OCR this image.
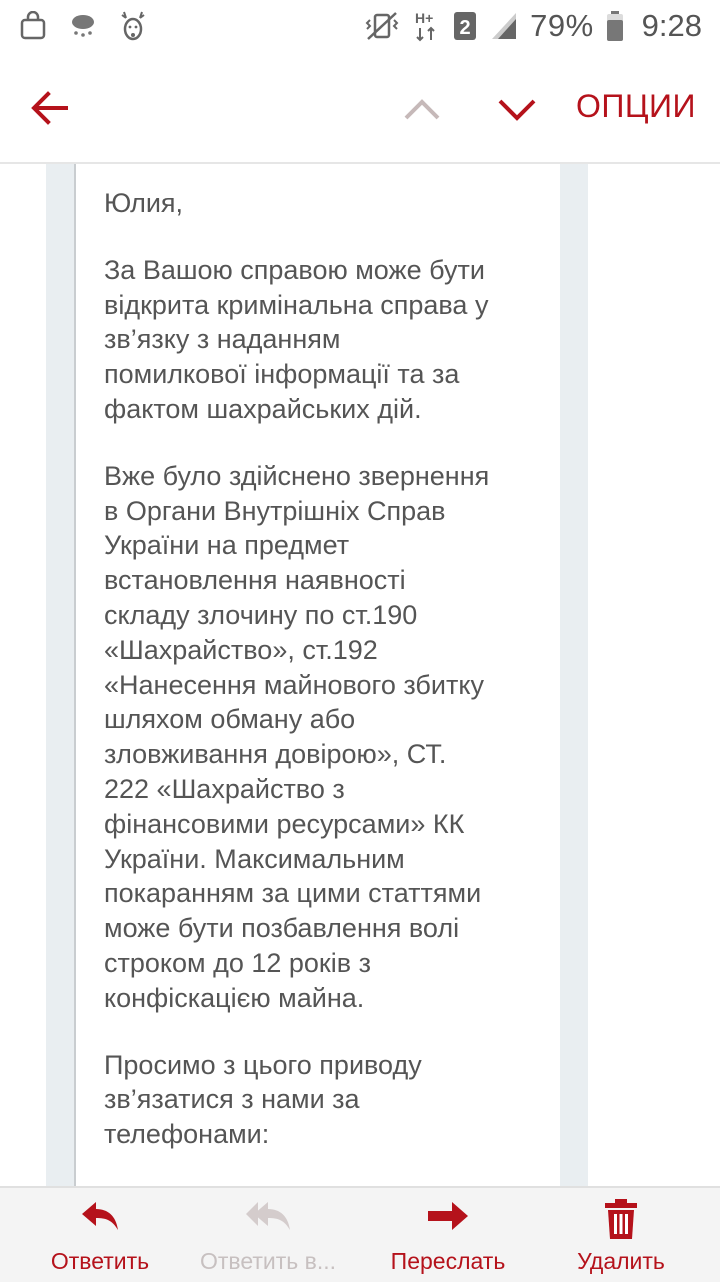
H+ 2 79% 9:28
ОПЦИИ

Юлия,

За Вашою справою може бути
відкрита кримінальна справа у
зв’язку з наданням
помилкової інформації та за
фактом шахрайських дій.

Вже було здійснено звернення
в Органи Внутрішніх Справ
України на предмет
встановлення наявності
складу злочину по ст.190
«Шахрайство», ст.192
«Нанесення майнового збитку
шляхом обману або
зловживання довірою», СТ.
222 «Шахрайство з
фінансовими ресурсами» КК
України. Максимальним
покаранням за цими статтями
може бути позбавлення волі
строком до 12 років з
конфіскацією майна.

Просимо з цього приводу
зв’язатися з нами за
телефонами:

Ответить	Ответить в...	Переслать	Удалить
